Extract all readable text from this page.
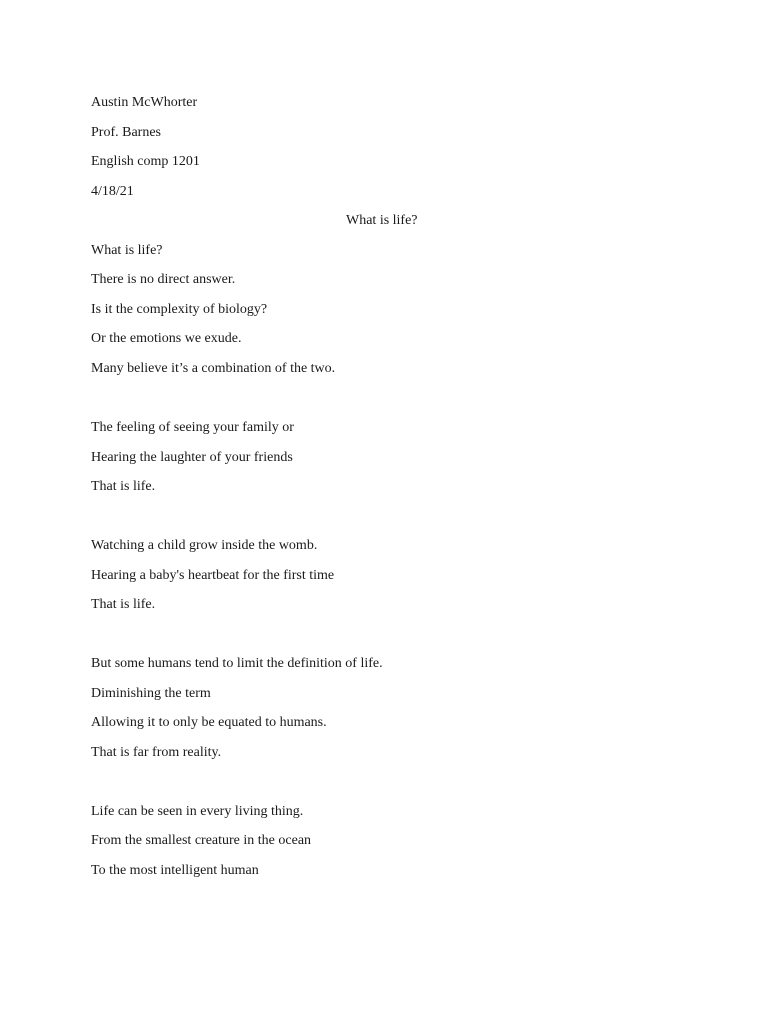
Austin McWhorter
Prof. Barnes
English comp 1201
4/18/21
What is life?
What is life?
There is no direct answer.
Is it the complexity of biology?
Or the emotions we exude.
Many believe it’s a combination of the two.
The feeling of seeing your family or
Hearing the laughter of your friends
That is life.
Watching a child grow inside the womb.
Hearing a baby's heartbeat for the first time
That is life.
But some humans tend to limit the definition of life.
Diminishing the term
Allowing it to only be equated to humans.
That is far from reality.
Life can be seen in every living thing.
From the smallest creature in the ocean
To the most intelligent human
